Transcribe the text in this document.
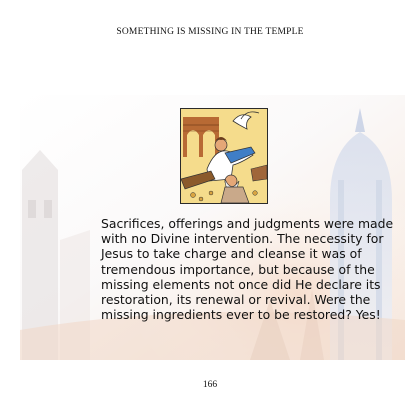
SOMETHING IS MISSING IN THE TEMPLE

Sacrifices, offerings and judgments were made with no Divine intervention. The necessity for Jesus to take charge and cleanse it was of tremendous importance, but because of the missing elements not once did He declare its restoration, its renewal or revival. Were the missing ingredients ever to be restored? Yes!

166
